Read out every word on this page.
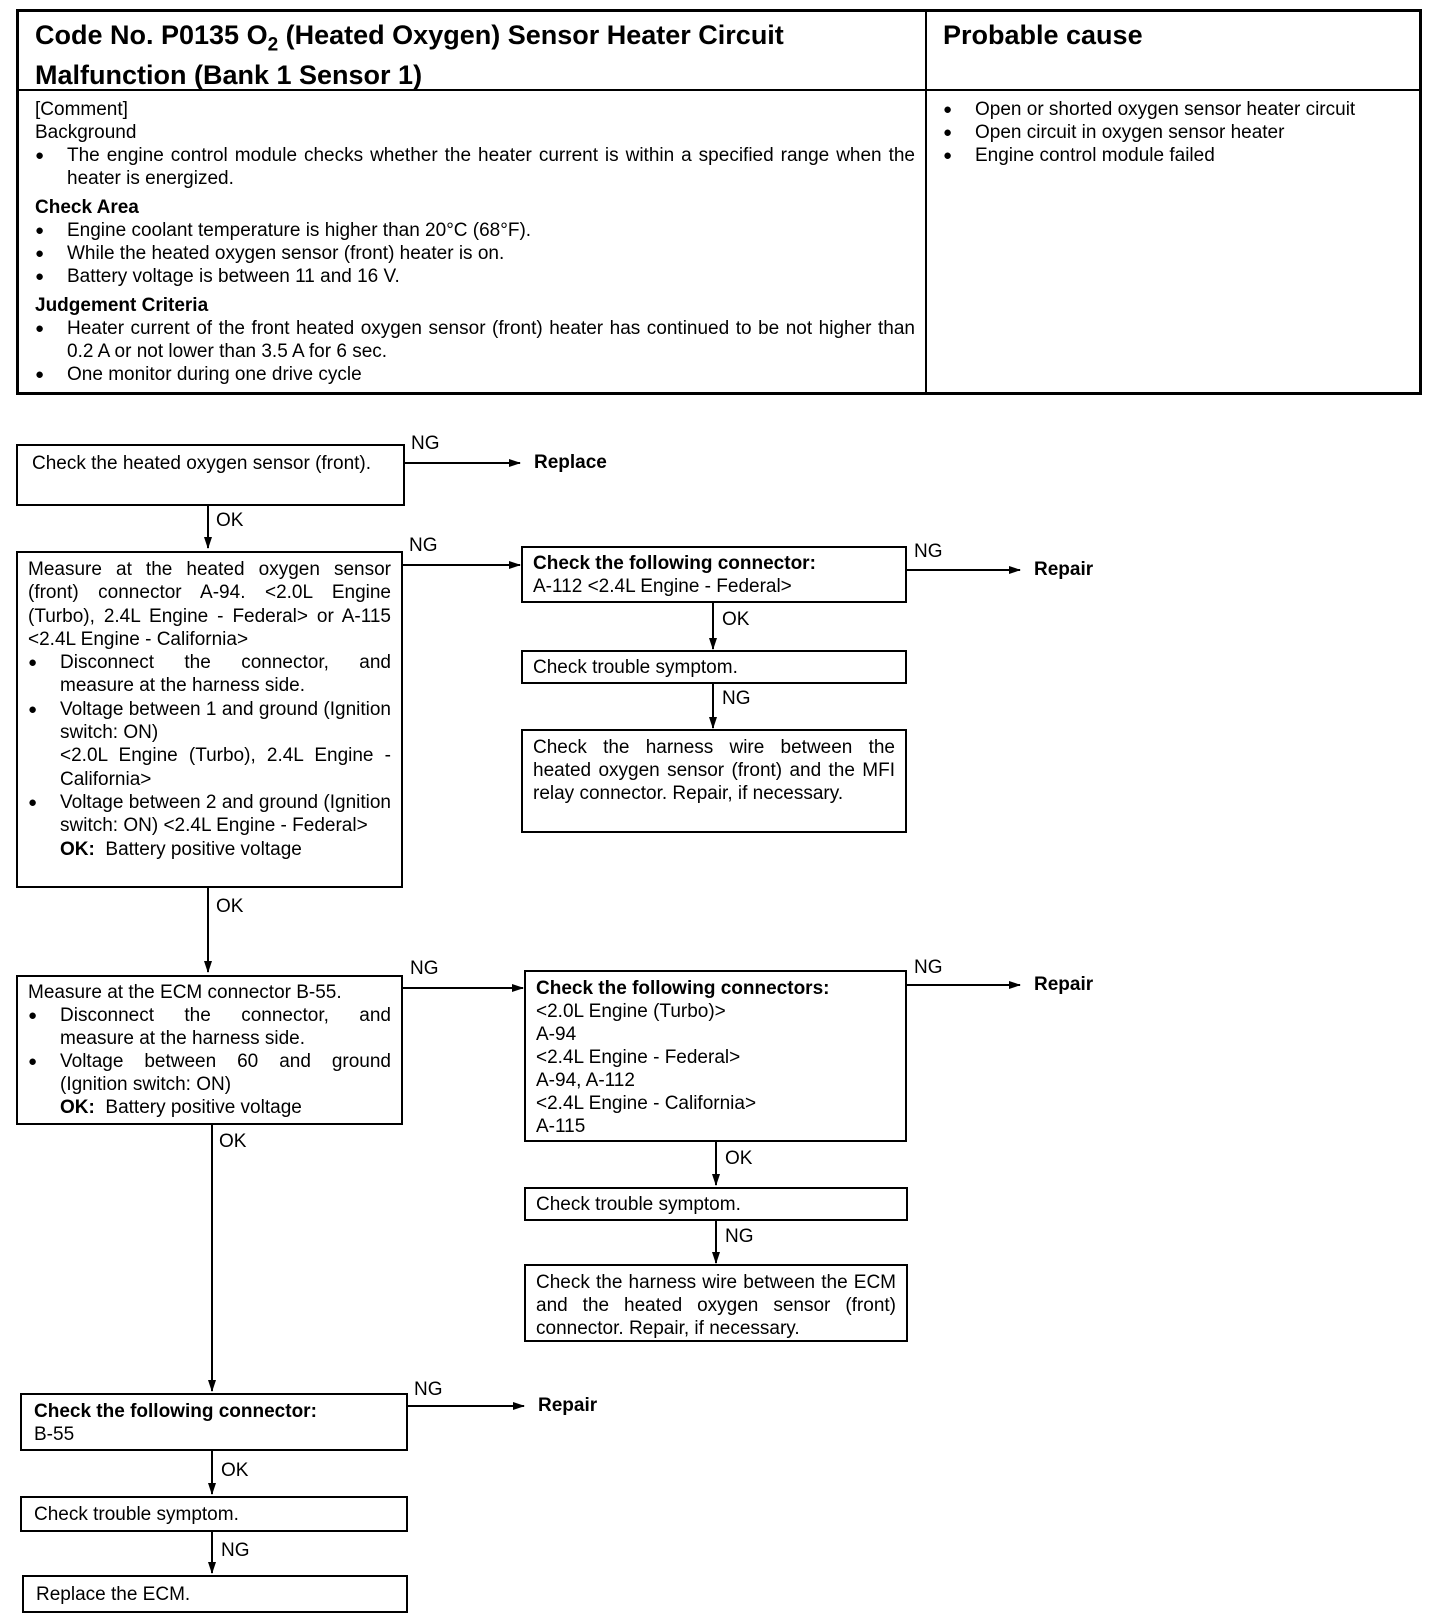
Code No. P0135 $O_2$ (Heated Oxygen) Sensor Heater Circuit
Malfunction (Bank 1 Sensor 1)
Probable cause
[Comment]
Background
● The engine control module checks whether the heater current is within a specified range when the heater is energized.
Check Area
● Engine coolant temperature is higher than 20°C (68°F).
● While the heated oxygen sensor (front) heater is on.
● Battery voltage is between 11 and 16 V.
Judgement Criteria
● Heater current of the front heated oxygen sensor (front) heater has continued to be not higher than 0.2 A or not lower than 3.5 A for 6 sec.
● One monitor during one drive cycle
● Open or shorted oxygen sensor heater circuit
● Open circuit in oxygen sensor heater
● Engine control module failed

Check the heated oxygen sensor (front).

Measure at the heated oxygen sensor (front) connector A-94. <2.0L Engine (Turbo), 2.4L Engine - Federal> or A-115 <2.4L Engine - California>

● Disconnect the connector, and measure at the harness side.
● Voltage between 1 and ground (Ignition switch: ON)
<2.0L Engine (Turbo), 2.4L Engine - California>
● Voltage between 2 and ground (Ignition switch: ON) <2.4L Engine - Federal>

OK: Battery positive voltage

Check the following connector:

A-112 <2.4L Engine - Federal>

Check trouble symptom.

Check the harness wire between the heated oxygen sensor (front) and the MFI relay connector. Repair, if necessary.

Measure at the ECM connector B-55.

● Disconnect the connector, and measure at the harness side.
● Voltage between 60 and ground (Ignition switch: ON)

OK: Battery positive voltage

Check the following connectors:

<2.0L Engine (Turbo)>

A-94

<2.4L Engine - Federal>

A-94, A-112

<2.4L Engine - California>

A-115

Check trouble symptom.

Check the harness wire between the ECM and the heated oxygen sensor (front) connector. Repair, if necessary.

Check the following connector:

B-55

Check trouble symptom.

Replace the ECM.

Replace
Repair
Repair
Repair
NG
OK
NG	NG
OK
NG
OK
NG	NG
OK
OK
NG
NG
OK
NG
